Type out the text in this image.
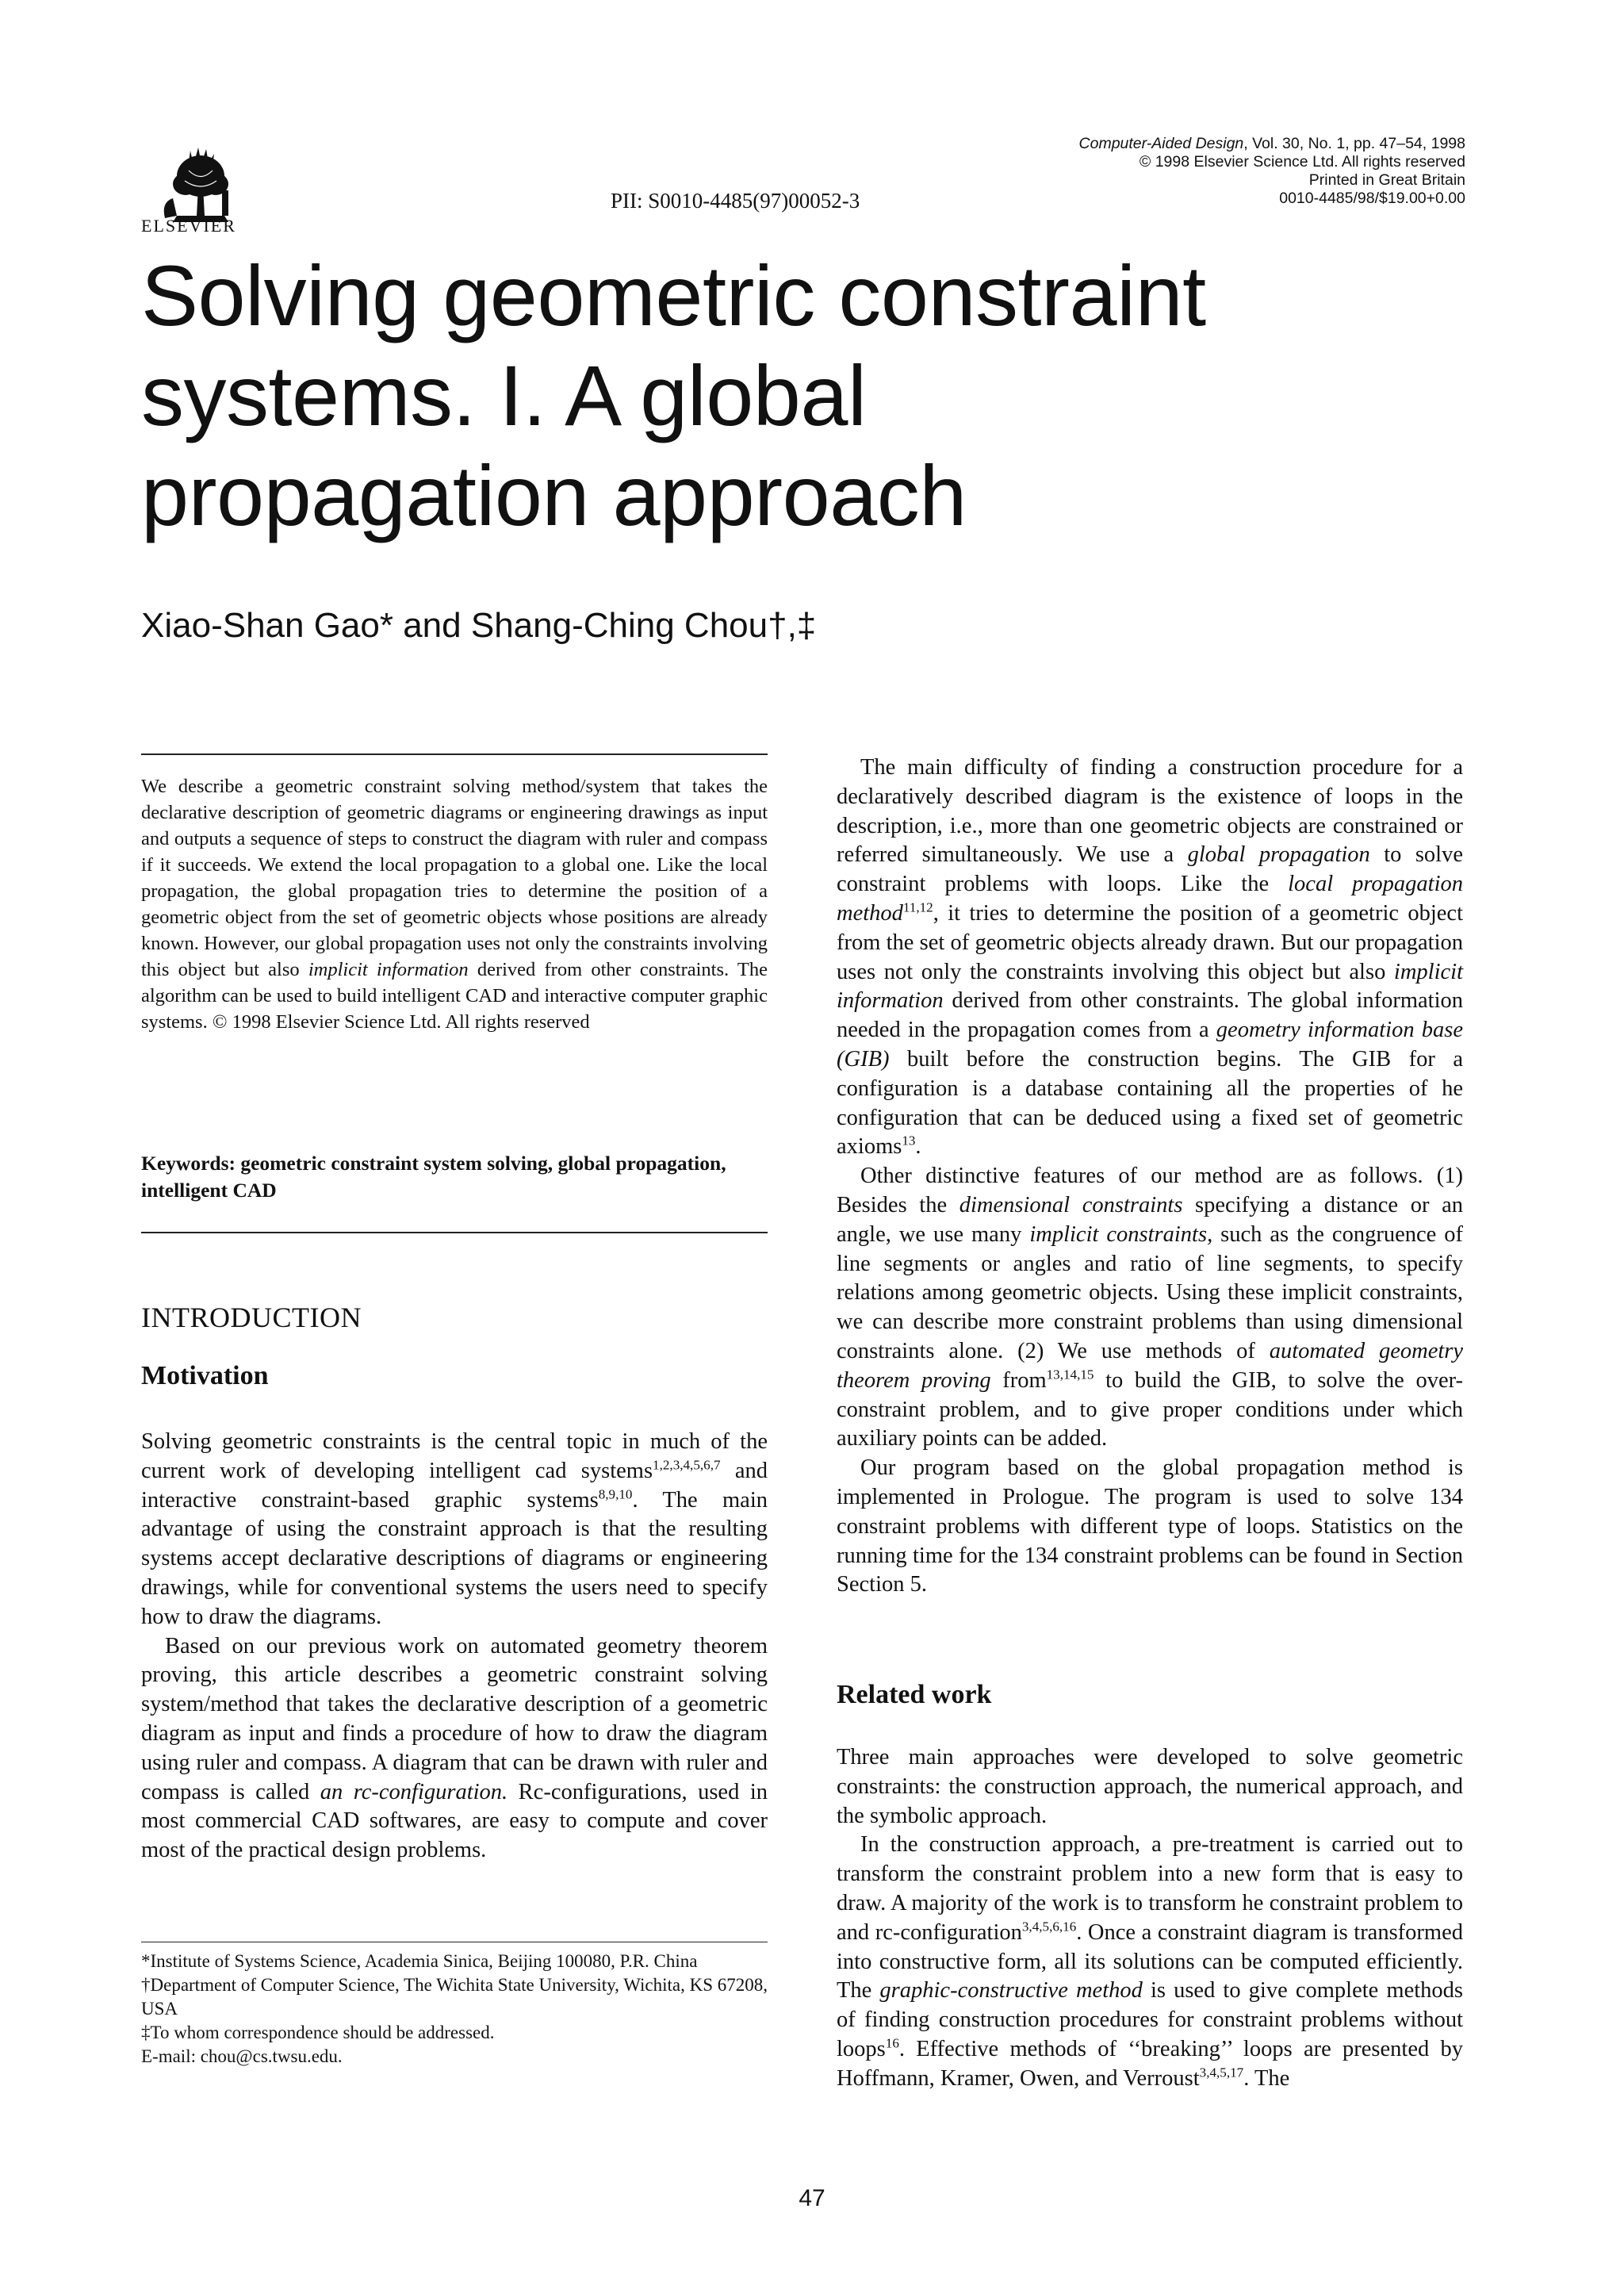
ELSEVIER
PII: S0010-4485(97)00052-3
Computer-Aided Design, Vol. 30, No. 1, pp. 47–54, 1998
© 1998 Elsevier Science Ltd. All rights reserved
Printed in Great Britain
0010-4485/98/$19.00+0.00
Solving geometric constraint
systems. I. A global
propagation approach
Xiao-Shan Gao* and Shang-Ching Chou†,‡

We describe a geometric constraint solving method/system that takes the declarative description of geometric diagrams or engineering drawings as input and outputs a sequence of steps to construct the diagram with ruler and compass if it succeeds. We extend the local propagation to a global one. Like the local propagation, the global propagation tries to determine the position of a geometric object from the set of geometric objects whose positions are already known. However, our global propagation uses not only the constraints involving this object but also implicit information derived from other constraints. The algorithm can be used to build intelligent CAD and interactive computer graphic systems. © 1998 Elsevier Science Ltd. All rights reserved

Keywords: geometric constraint system solving, global propagation, intelligent CAD

INTRODUCTION
Motivation

Solving geometric constraints is the central topic in much of the current work of developing intelligent cad systems$^{1,2,3,4,5,6,7}$ and interactive constraint-based graphic systems$^{8,9,10}$. The main advantage of using the constraint approach is that the resulting systems accept declarative descriptions of diagrams or engineering drawings, while for conventional systems the users need to specify how to draw the diagrams.

Based on our previous work on automated geometry theorem proving, this article describes a geometric constraint solving system/method that takes the declarative description of a geometric diagram as input and finds a procedure of how to draw the diagram using ruler and compass. A diagram that can be drawn with ruler and compass is called an rc-configuration. Rc-configurations, used in most commercial CAD softwares, are easy to compute and cover most of the practical design problems.

*Institute of Systems Science, Academia Sinica, Beijing 100080, P.R. China

†Department of Computer Science, The Wichita State University, Wichita, KS 67208, USA

‡To whom correspondence should be addressed.

E-mail: chou@cs.twsu.edu.

The main difficulty of finding a construction procedure for a declaratively described diagram is the existence of loops in the description, i.e., more than one geometric objects are constrained or referred simultaneously. We use a global propagation to solve constraint problems with loops. Like the local propagation method$^{11,12}$, it tries to determine the position of a geometric object from the set of geometric objects already drawn. But our propagation uses not only the constraints involving this object but also implicit information derived from other constraints. The global information needed in the propagation comes from a geometry information base (GIB) built before the construction begins. The GIB for a configuration is a database containing all the properties of he configuration that can be deduced using a fixed set of geometric axioms$^{13}$.

Other distinctive features of our method are as follows. (1) Besides the dimensional constraints specifying a distance or an angle, we use many implicit constraints, such as the congruence of line segments or angles and ratio of line segments, to specify relations among geometric objects. Using these implicit constraints, we can describe more constraint problems than using dimensional constraints alone. (2) We use methods of automated geometry theorem proving from$^{13,14,15}$ to build the GIB, to solve the over-constraint problem, and to give proper conditions under which auxiliary points can be added.

Our program based on the global propagation method is implemented in Prologue. The program is used to solve 134 constraint problems with different type of loops. Statistics on the running time for the 134 constraint problems can be found in Section Section 5.

Related work

Three main approaches were developed to solve geometric constraints: the construction approach, the numerical approach, and the symbolic approach.

In the construction approach, a pre-treatment is carried out to transform the constraint problem into a new form that is easy to draw. A majority of the work is to transform he constraint problem to and rc-configuration$^{3,4,5,6,16}$. Once a constraint diagram is transformed into constructive form, all its solutions can be computed efficiently. The graphic-constructive method is used to give complete methods of finding construction procedures for constraint problems without loops$^{16}$. Effective methods of ‘‘breaking’’ loops are presented by Hoffmann, Kramer, Owen, and Verroust$^{3,4,5,17}$. The

47
